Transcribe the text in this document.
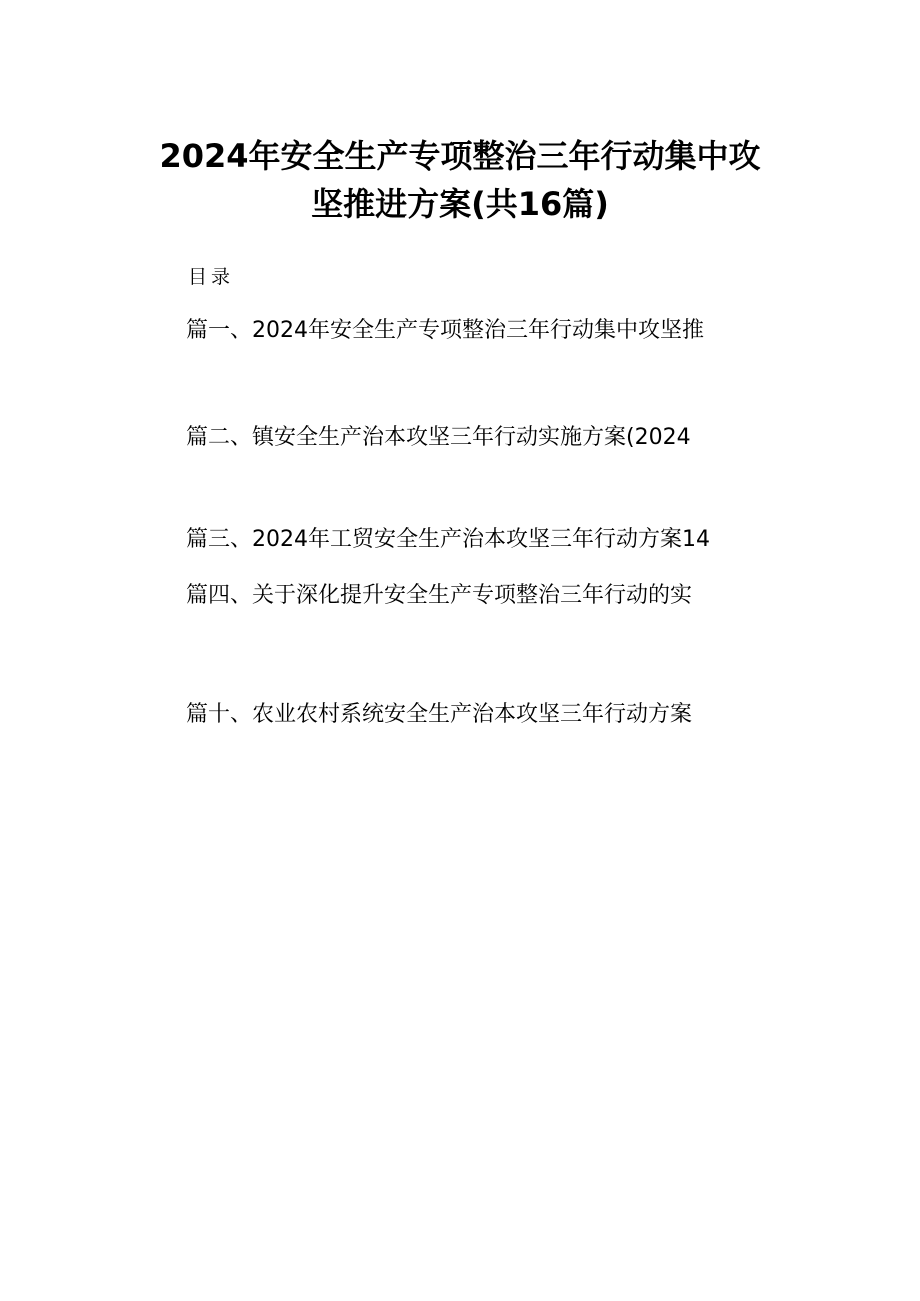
2024年安全生产专项整治三年行动集中攻
坚推进方案(共16篇)
目录
篇一、2024年安全生产专项整治三年行动集中攻坚推
篇二、镇安全生产治本攻坚三年行动实施方案(2024
篇三、2024年工贸安全生产治本攻坚三年行动方案14
篇四、关于深化提升安全生产专项整治三年行动的实
篇十、农业农村系统安全生产治本攻坚三年行动方案
